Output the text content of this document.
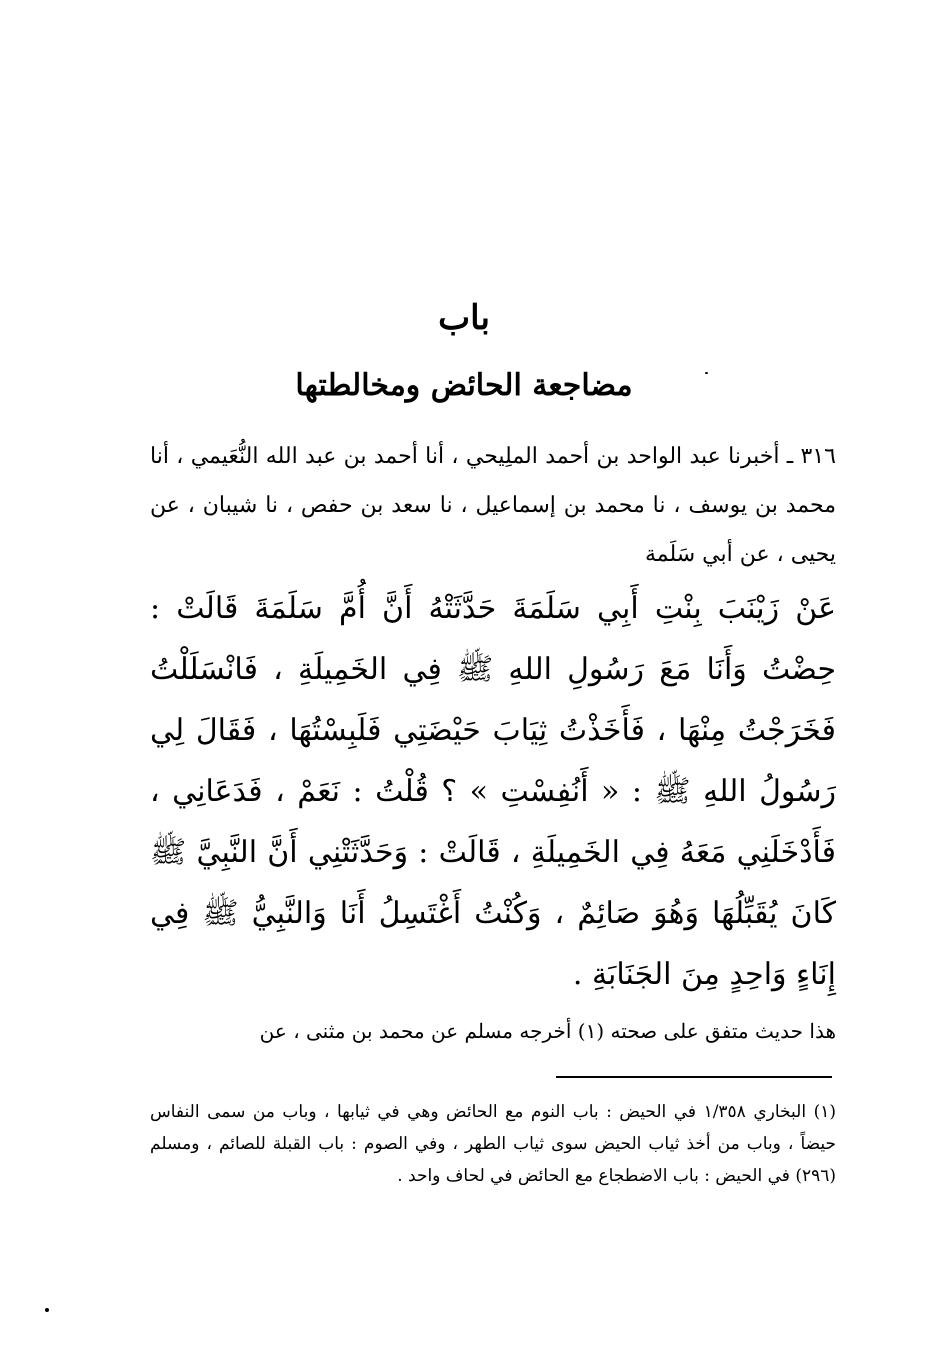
باب
مضاجعة الحائض ومخالطتها
٣١٦ ـ أخبرنا عبد الواحد بن أحمد الملِيحي ، أنا أحمد بن عبد الله النُّعَيمي ، أنا محمد بن يوسف ، نا محمد بن إسماعيل ، نا سعد بن حفص ، نا شيبان ، عن يحيى ، عن أبي سَلَمة
عَنْ زَيْنَبَ بِنْتِ أَبِي سَلَمَةَ حَدَّثَتْهُ أَنَّ أُمَّ سَلَمَةَ قَالَتْ : حِضْتُ وَأَنَا مَعَ رَسُولِ اللهِ ﷺ فِي الخَمِيلَةِ ، فَانْسَلَلْتُ فَخَرَجْتُ مِنْهَا ، فَأَخَذْتُ ثِيَابَ حَيْضَتِي فَلَبِسْتُهَا ، فَقَالَ لِي رَسُولُ اللهِ ﷺ : « أَنُفِسْتِ » ؟ قُلْتُ : نَعَمْ ، فَدَعَانِي ، فَأَدْخَلَنِي مَعَهُ فِي الخَمِيلَةِ ، قَالَتْ : وَحَدَّثَتْنِي أَنَّ النَّبِيَّ ﷺ كَانَ يُقَبِّلُهَا وَهُوَ صَائِمٌ ، وَكُنْتُ أَغْتَسِلُ أَنَا وَالنَّبِيُّ ﷺ فِي إِنَاءٍ وَاحِدٍ مِنَ الجَنَابَةِ .
هذا حديث متفق على صحته (١) أخرجه مسلم عن محمد بن مثنى ، عن
(١) البخاري ١/٣٥٨ في الحيض : باب النوم مع الحائض وهي في ثيابها ، وباب من سمى النفاس حيضاً ، وباب من أخذ ثياب الحيض سوى ثياب الطهر ، وفي الصوم : باب القبلة للصائم ، ومسلم (٢٩٦) في الحيض : باب الاضطجاع مع الحائض في لحاف واحد .
